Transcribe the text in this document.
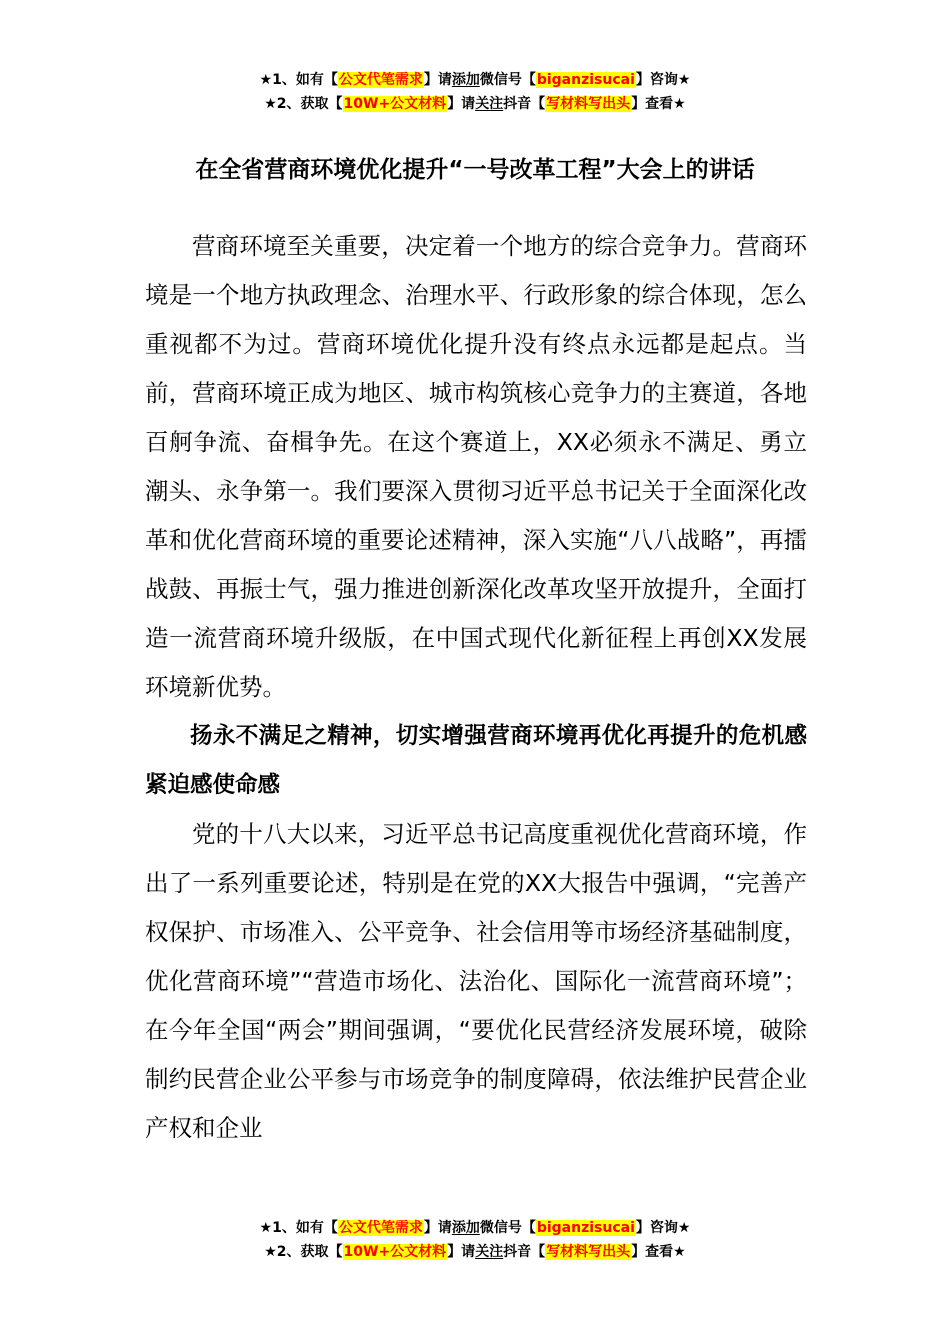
★1、如有【公文代笔需求】请添加微信号【biganzisucai】咨询★
★2、获取【10W+公文材料】请关注抖音【写材料写出头】查看★
在全省营商环境优化提升“一号改革工程”大会上的讲话

营商环境至关重要，决定着一个地方的综合竞争力。营商环境是一个地方执政理念、治理水平、行政形象的综合体现，怎么重视都不为过。营商环境优化提升没有终点永远都是起点。当前，营商环境正成为地区、城市构筑核心竞争力的主赛道，各地百舸争流、奋楫争先。在这个赛道上，XX必须永不满足、勇立潮头、永争第一。我们要深入贯彻习近平总书记关于全面深化改革和优化营商环境的重要论述精神，深入实施“八八战略”，再擂战鼓、再振士气，强力推进创新深化改革攻坚开放提升，全面打造一流营商环境升级版，在中国式现代化新征程上再创XX发展环境新优势。

扬永不满足之精神，切实增强营商环境再优化再提升的危机感紧迫感使命感

党的十八大以来，习近平总书记高度重视优化营商环境，作出了一系列重要论述，特别是在党的XX大报告中强调，“完善产权保护、市场准入、公平竞争、社会信用等市场经济基础制度，优化营商环境”“营造市场化、法治化、国际化一流营商环境”；在今年全国“两会”期间强调，“要优化民营经济发展环境，破除制约民营企业公平参与市场竞争的制度障碍，依法维护民营企业产权和企业

★1、如有【公文代笔需求】请添加微信号【biganzisucai】咨询★
★2、获取【10W+公文材料】请关注抖音【写材料写出头】查看★
